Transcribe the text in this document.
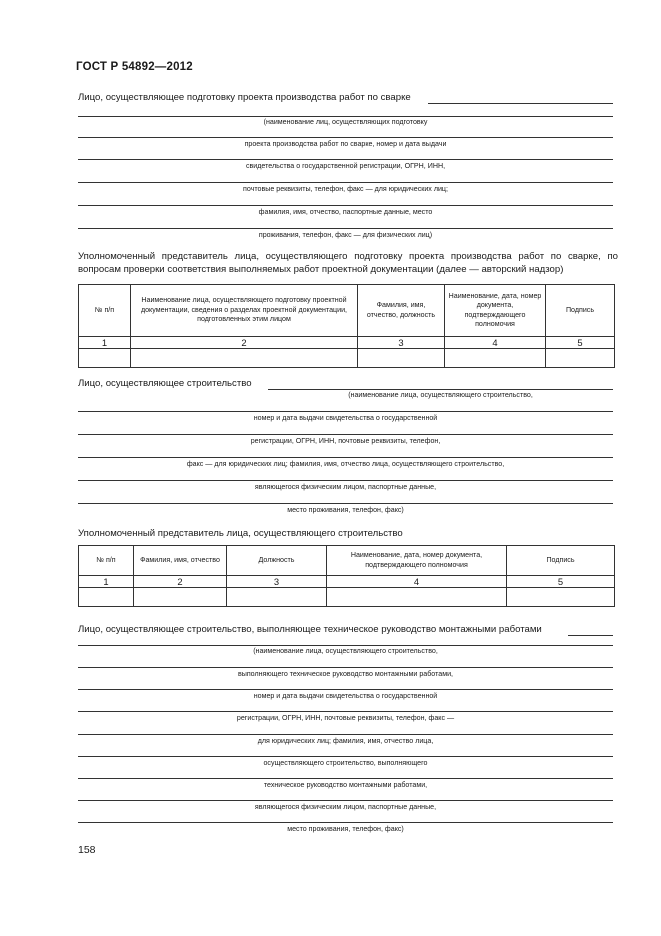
ГОСТ Р 54892—2012
Лицо, осуществляющее подготовку проекта производства работ по сварке
(наименование лиц, осуществляющих подготовку
проекта производства работ по сварке, номер и дата выдачи
свидетельства о государственной регистрации, ОГРН, ИНН,
почтовые реквизиты, телефон, факс — для юридических лиц;
фамилия, имя, отчество, паспортные данные, место
проживания, телефон, факс — для физических лиц)
Уполномоченный представитель лица, осуществляющего подготовку проекта производства работ по сварке, по вопросам проверки соответствия выполняемых работ проектной документации (далее — авторский надзор)
№ п/п	Наименование лица, осуществляющего подготовку проектной документации, сведения о разделах проектной документации, подготовленных этим лицом	Фамилия, имя, отчество, должность	Наименование, дата, номер документа, подтверждающего полномочия	Подпись
1	2	3	4	5

Лицо, осуществляющее строительство
(наименование лица, осуществляющего строительство,
номер и дата выдачи свидетельства о государственной
регистрации, ОГРН, ИНН, почтовые реквизиты, телефон,
факс — для юридических лиц; фамилия, имя, отчество лица, осуществляющего строительство,
являющегося физическим лицом, паспортные данные,
место проживания, телефон, факс)
Уполномоченный представитель лица, осуществляющего строительство
№ п/п	Фамилия, имя, отчество	Должность	Наименование, дата, номер документа, подтверждающего полномочия	Подпись
1	2	3	4	5

Лицо, осуществляющее строительство, выполняющее техническое руководство монтажными работами
(наименование лица, осуществляющего строительство,
выполняющего техническое руководство монтажными работами,
номер и дата выдачи свидетельства о государственной
регистрации, ОГРН, ИНН, почтовые реквизиты, телефон, факс —
для юридических лиц; фамилия, имя, отчество лица,
осуществляющего строительство, выполняющего
техническое руководство монтажными работами,
являющегося физическим лицом, паспортные данные,
место проживания, телефон, факс)
158
